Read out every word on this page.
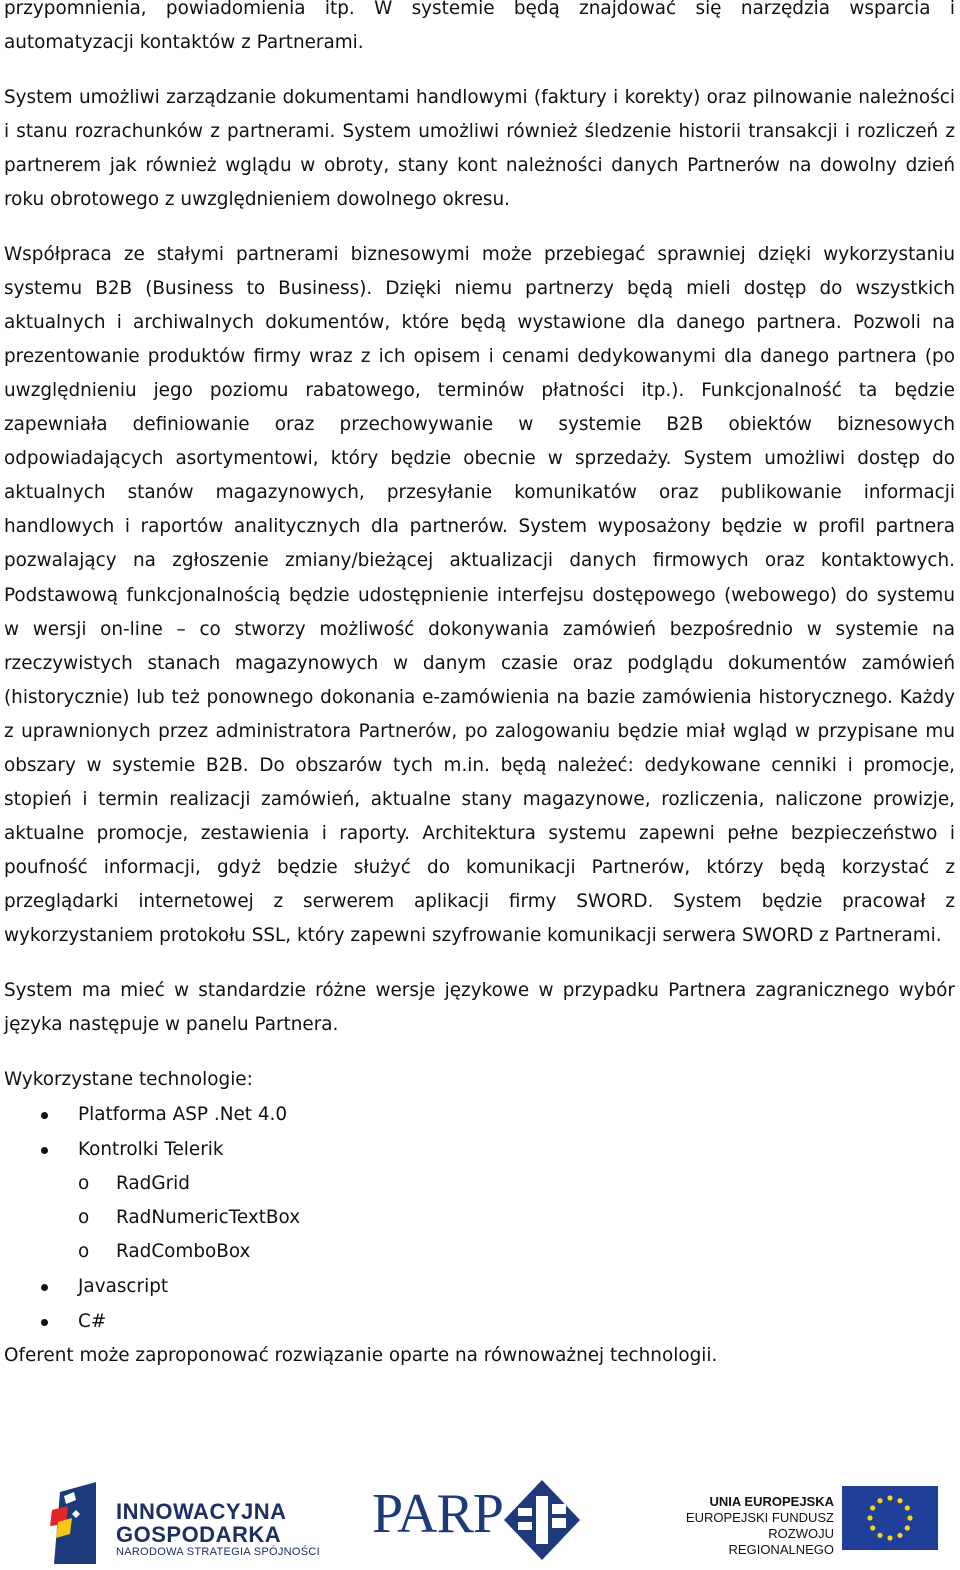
przypomnienia, powiadomienia itp. W systemie będą znajdować się narzędzia wsparcia i automatyzacji kontaktów z Partnerami.

System umożliwi zarządzanie dokumentami handlowymi (faktury i korekty) oraz pilnowanie należności i stanu rozrachunków z partnerami. System umożliwi również śledzenie historii transakcji i rozliczeń z partnerem jak również wglądu w obroty, stany kont należności danych Partnerów na dowolny dzień roku obrotowego z uwzględnieniem dowolnego okresu.

Współpraca ze stałymi partnerami biznesowymi może przebiegać sprawniej dzięki wykorzystaniu systemu B2B (Business to Business). Dzięki niemu partnerzy będą mieli dostęp do wszystkich aktualnych i archiwalnych dokumentów, które będą wystawione dla danego partnera. Pozwoli na prezentowanie produktów firmy wraz z ich opisem i cenami dedykowanymi dla danego partnera (po uwzględnieniu jego poziomu rabatowego, terminów płatności itp.). Funkcjonalność ta będzie zapewniała definiowanie oraz przechowywanie w systemie B2B obiektów biznesowych odpowiadających asortymentowi, który będzie obecnie w sprzedaży. System umożliwi dostęp do aktualnych stanów magazynowych, przesyłanie komunikatów oraz publikowanie informacji handlowych i raportów analitycznych dla partnerów. System wyposażony będzie w profil partnera pozwalający na zgłoszenie zmiany/bieżącej aktualizacji danych firmowych oraz kontaktowych. Podstawową funkcjonalnością będzie udostępnienie interfejsu dostępowego (webowego) do systemu w wersji on-line – co stworzy możliwość dokonywania zamówień bezpośrednio w systemie na rzeczywistych stanach magazynowych w danym czasie oraz podglądu dokumentów zamówień (historycznie) lub też ponownego dokonania e-zamówienia na bazie zamówienia historycznego. Każdy z uprawnionych przez administratora Partnerów, po zalogowaniu będzie miał wgląd w przypisane mu obszary w systemie B2B. Do obszarów tych m.in. będą należeć: dedykowane cenniki i promocje, stopień i termin realizacji zamówień, aktualne stany magazynowe, rozliczenia, naliczone prowizje, aktualne promocje, zestawienia i raporty. Architektura systemu zapewni pełne bezpieczeństwo i poufność informacji, gdyż będzie służyć do komunikacji Partnerów, którzy będą korzystać z przeglądarki internetowej z serwerem aplikacji firmy SWORD. System będzie pracował z wykorzystaniem protokołu SSL, który zapewni szyfrowanie komunikacji serwera SWORD z Partnerami.

System ma mieć w standardzie różne wersje językowe w przypadku Partnera zagranicznego wybór języka następuje w panelu Partnera.

Wykorzystane technologie:

Platforma ASP .Net 4.0
Kontrolki Telerik
o RadGrid
o RadNumericTextBox
o RadComboBox
Javascript
C#

Oferent może zaproponować rozwiązanie oparte na równoważnej technologii.

INNOWACYJNA
GOSPODARKA
NARODOWA STRATEGIA SPÓJNOŚCI
PARP	UNIA EUROPEJSKA
EUROPEJSKI FUNDUSZ
ROZWOJU REGIONALNEGO
